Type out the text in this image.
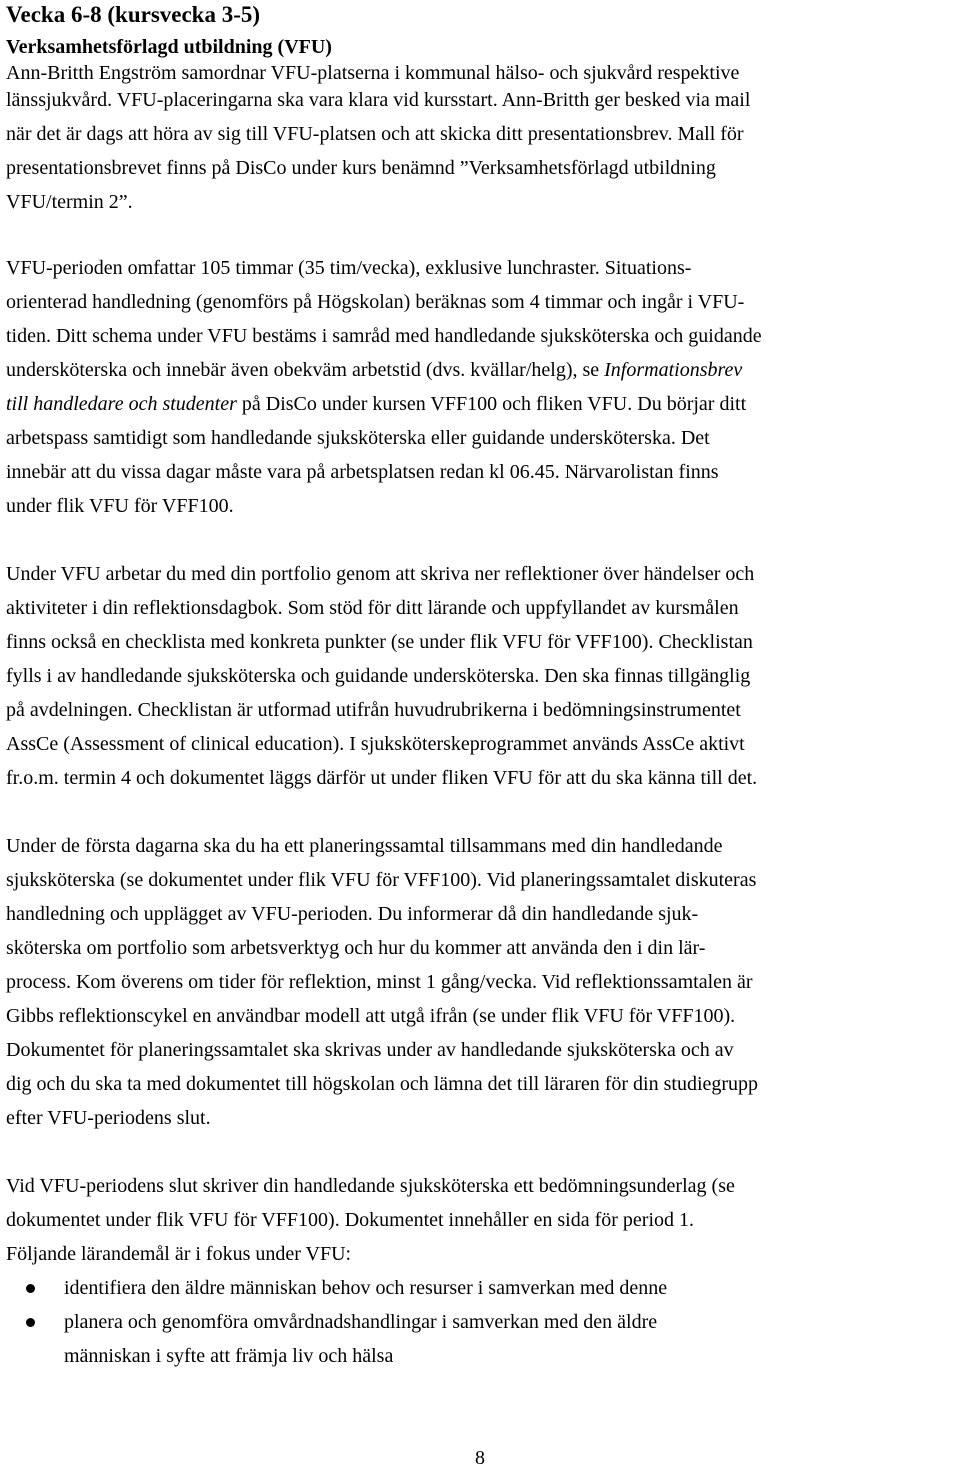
Vecka 6-8 (kursvecka 3-5)
Verksamhetsförlagd utbildning (VFU)

Ann-Britth Engström samordnar VFU-platserna i kommunal hälso- och sjukvård respektive
länssjukvård. VFU-placeringarna ska vara klara vid kursstart. Ann-Britth ger besked via mail

när det är dags att höra av sig till VFU-platsen och att skicka ditt presentationsbrev. Mall för
presentationsbrevet finns på DisCo under kurs benämnd ”Verksamhetsförlagd utbildning
VFU/termin 2”.

VFU-perioden omfattar 105 timmar (35 tim/vecka), exklusive lunchraster. Situations-
orienterad handledning (genomförs på Högskolan) beräknas som 4 timmar och ingår i VFU-
tiden. Ditt schema under VFU bestäms i samråd med handledande sjuksköterska och guidande
undersköterska och innebär även obekväm arbetstid (dvs. kvällar/helg), se Informationsbrev
till handledare och studenter på DisCo under kursen VFF100 och fliken VFU. Du börjar ditt
arbetspass samtidigt som handledande sjuksköterska eller guidande undersköterska. Det
innebär att du vissa dagar måste vara på arbetsplatsen redan kl 06.45. Närvarolistan finns
under flik VFU för VFF100.

Under VFU arbetar du med din portfolio genom att skriva ner reflektioner över händelser och
aktiviteter i din reflektionsdagbok. Som stöd för ditt lärande och uppfyllandet av kursmålen
finns också en checklista med konkreta punkter (se under flik VFU för VFF100). Checklistan
fylls i av handledande sjuksköterska och guidande undersköterska. Den ska finnas tillgänglig
på avdelningen. Checklistan är utformad utifrån huvudrubrikerna i bedömningsinstrumentet
AssCe (Assessment of clinical education). I sjuksköterskeprogrammet används AssCe aktivt
fr.o.m. termin 4 och dokumentet läggs därför ut under fliken VFU för att du ska känna till det.

Under de första dagarna ska du ha ett planeringssamtal tillsammans med din handledande
sjuksköterska (se dokumentet under flik VFU för VFF100). Vid planeringssamtalet diskuteras
handledning och upplägget av VFU-perioden. Du informerar då din handledande sjuk-
sköterska om portfolio som arbetsverktyg och hur du kommer att använda den i din lär-
process. Kom överens om tider för reflektion, minst 1 gång/vecka. Vid reflektionssamtalen är
Gibbs reflektionscykel en användbar modell att utgå ifrån (se under flik VFU för VFF100).
Dokumentet för planeringssamtalet ska skrivas under av handledande sjuksköterska och av
dig och du ska ta med dokumentet till högskolan och lämna det till läraren för din studiegrupp
efter VFU-periodens slut.

Vid VFU-periodens slut skriver din handledande sjuksköterska ett bedömningsunderlag (se
dokumentet under flik VFU för VFF100). Dokumentet innehåller en sida för period 1.
Följande lärandemål är i fokus under VFU:

identifiera den äldre människan behov och resurser i samverkan med denne
planera och genomföra omvårdnadshandlingar i samverkan med den äldre
människan i syfte att främja liv och hälsa
8
